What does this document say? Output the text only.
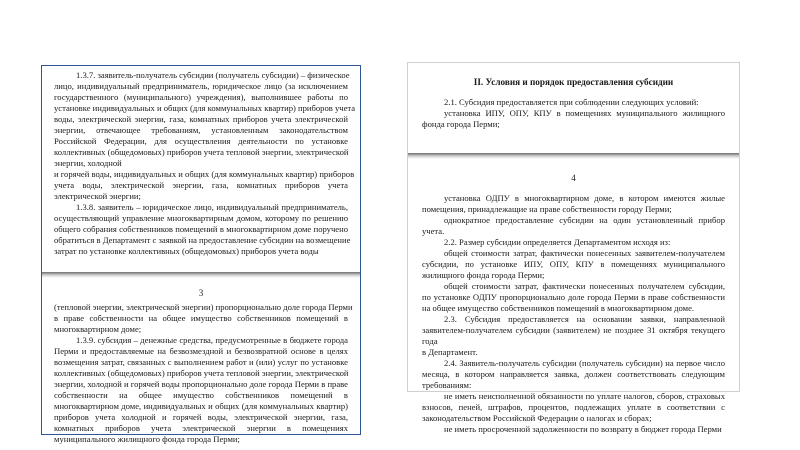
1.3.7. заявитель-получатель субсидии (получатель субсидии) – физическое
лицо, индивидуальный предприниматель, юридическое лицо (за исключением
государственного (муниципального) учреждения), выполнившее работы по
установке индивидуальных и общих (для коммунальных квартир) приборов учета
воды, электрической энергии, газа, комнатных приборов учета электрической
энергии, отвечающее требованиям, установленным законодательством
Российской Федерации, для осуществления деятельности по установке
коллективных (общедомовых) приборов учета тепловой энергии, электрической
энергии, холодной
и горячей воды, индивидуальных и общих (для коммунальных квартир) приборов
учета воды, электрической энергии, газа, комнатных приборов учета
электрической энергии;
1.3.8. заявитель – юридическое лицо, индивидуальный предприниматель,
осуществляющий управление многоквартирным домом, которому по решению
общего собрания собственников помещений в многоквартирном доме поручено
обратиться в Департамент с заявкой на предоставление субсидии на возмещение
затрат по установке коллективных (общедомовых) приборов учета воды
3
(тепловой энергии, электрической энергии) пропорционально доле города Перми
в праве собственности на общее имущество собственников помещений в
многоквартирном доме;
1.3.9. субсидия – денежные средства, предусмотренные в бюджете города
Перми и предоставляемые на безвозмездной и безвозвратной основе в целях
возмещения затрат, связанных с выполнением работ и (или) услуг по установке
коллективных (общедомовых) приборов учета тепловой энергии, электрической
энергии, холодной и горячей воды пропорционально доле города Перми в праве
собственности на общее имущество собственников помещений в
многоквартирном доме, индивидуальных и общих (для коммунальных квартир)
приборов учета холодной и горячей воды, электрической энергии, газа,
комнатных приборов учета электрической энергии в помещениях
муниципального жилищного фонда города Перми;
II. Условия и порядок предоставления субсидии
2.1. Субсидия предоставляется при соблюдении следующих условий:
установка ИПУ, ОПУ, КПУ в помещениях муниципального жилищного
фонда города Перми;
4
установка ОДПУ в многоквартирном доме, в котором имеются жилые
помещения, принадлежащие на праве собственности городу Перми;
однократное предоставление субсидии на один установленный прибор
учета.
2.2. Размер субсидии определяется Департаментом исходя из:
общей стоимости затрат, фактически понесенных заявителем-получателем
субсидии, по установке ИПУ, ОПУ, КПУ в помещениях муниципального
жилищного фонда города Перми;
общей стоимости затрат, фактически понесенных получателем субсидии,
по установке ОДПУ пропорционально доле города Перми в праве собственности
на общее имущество собственников помещений в многоквартирном доме.
2.3. Субсидия предоставляется на основании заявки, направленной
заявителем-получателем субсидии (заявителем) не позднее 31 октября текущего
года
в Департамент.
2.4. Заявитель-получатель субсидии (получатель субсидии) на первое число
месяца, в котором направляется заявка, должен соответствовать следующим
требованиям:
не иметь неисполненной обязанности по уплате налогов, сборов, страховых
взносов, пеней, штрафов, процентов, подлежащих уплате в соответствии с
законодательством Российской Федерации о налогах и сборах;
не иметь просроченной задолженности по возврату в бюджет города Перми
